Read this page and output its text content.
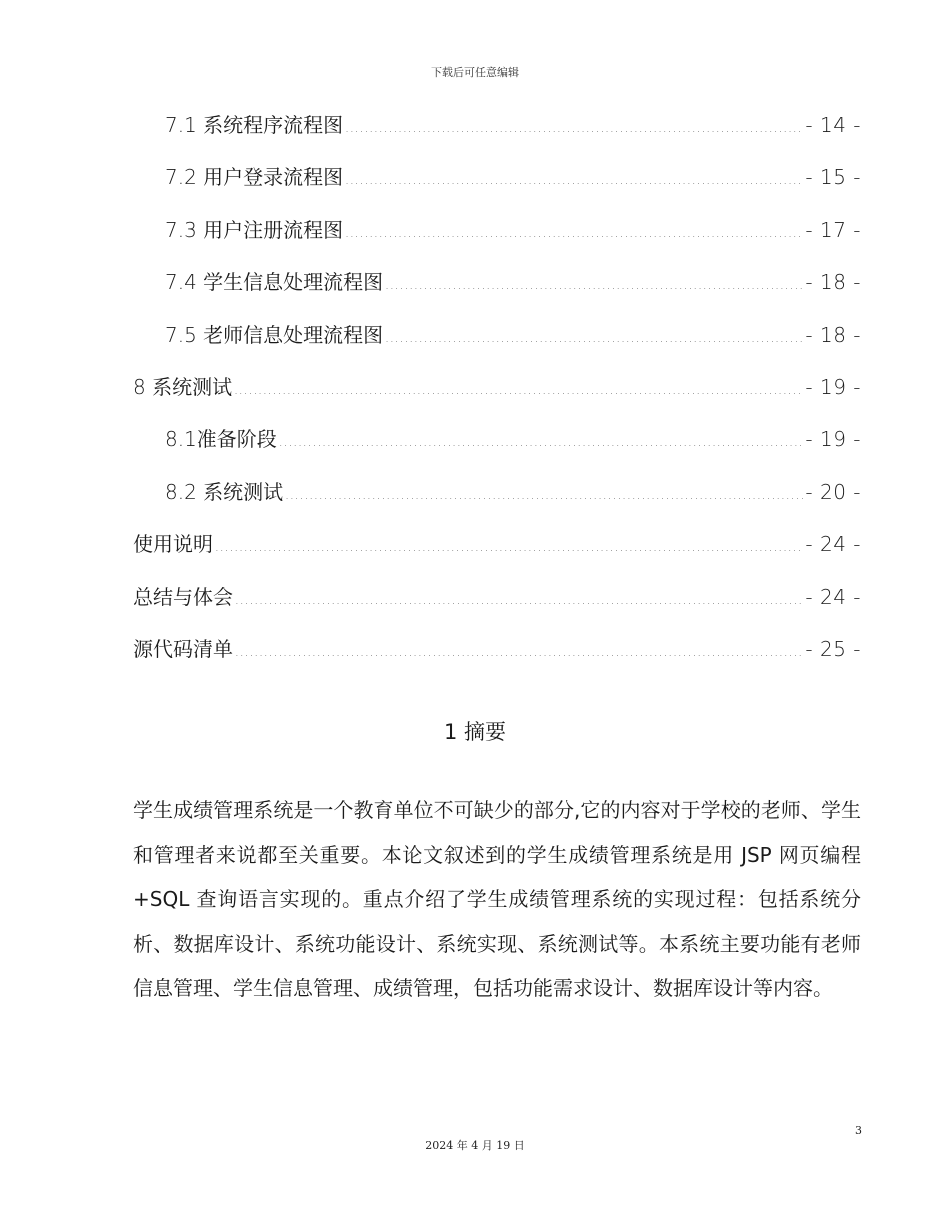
下载后可任意编辑
7.1 系统程序流程图 .....	- 14 -
7.2 用户登录流程图 .....	- 15 -
7.3 用户注册流程图 .....	- 17 -
7.4 学生信息处理流程图 .....	- 18 -
7.5 老师信息处理流程图 .....	- 18 -
8 系统测试 .....	- 19 -
8.1准备阶段 .....	- 19 -
8.2 系统测试 .....	- 20 -
使用说明 .....	- 24 -
总结与体会 .....	- 24 -
源代码清单 .....	- 25 -
1 摘要

学生成绩管理系统是一个教育单位不可缺少的部分,它的内容对于学校的老师、学生和管理者来说都至关重要。本论文叙述到的学生成绩管理系统是用 JSP 网页编程+SQL 查询语言实现的。重点介绍了学生成绩管理系统的实现过程：包括系统分析、数据库设计、系统功能设计、系统实现、系统测试等。本系统主要功能有老师信息管理、学生信息管理、成绩管理，包括功能需求设计、数据库设计等内容。

3
2024 年 4 月 19 日
